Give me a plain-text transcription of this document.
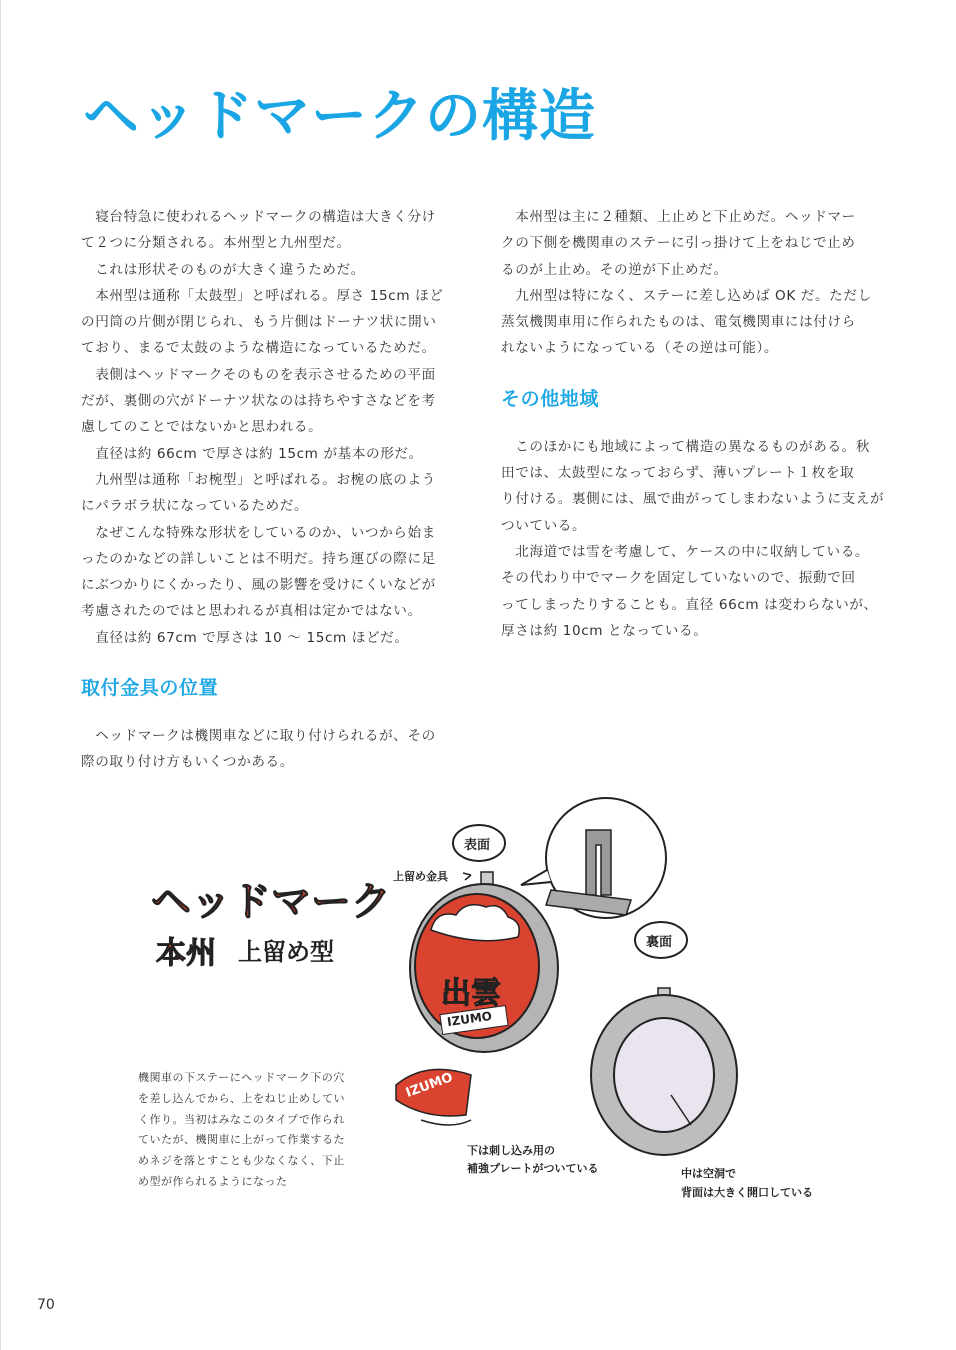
ヘッドマークの構造
　寝台特急に使われるヘッドマークの構造は大きく分け
て２つに分類される。本州型と九州型だ。
　これは形状そのものが大きく違うためだ。
　本州型は通称「太鼓型」と呼ばれる。厚さ 15cm ほど
の円筒の片側が閉じられ、もう片側はドーナツ状に開い
ており、まるで太鼓のような構造になっているためだ。
　表側はヘッドマークそのものを表示させるための平面
だが、裏側の穴がドーナツ状なのは持ちやすさなどを考
慮してのことではないかと思われる。
　直径は約 66cm で厚さは約 15cm が基本の形だ。
　九州型は通称「お椀型」と呼ばれる。お椀の底のよう
にパラボラ状になっているためだ。
　なぜこんな特殊な形状をしているのか、いつから始ま
ったのかなどの詳しいことは不明だ。持ち運びの際に足
にぶつかりにくかったり、風の影響を受けにくいなどが
考慮されたのではと思われるが真相は定かではない。
　直径は約 67cm で厚さは 10 ～ 15cm ほどだ。
取付金具の位置
　ヘッドマークは機関車などに取り付けられるが、その
際の取り付け方もいくつかある。
　本州型は主に２種類、上止めと下止めだ。ヘッドマー
クの下側を機関車のステーに引っ掛けて上をねじで止め
るのが上止め。その逆が下止めだ。
　九州型は特になく、ステーに差し込めば OK だ。ただし
蒸気機関車用に作られたものは、電気機関車には付けら
れないようになっている（その逆は可能）。
その他地域
　このほかにも地域によって構造の異なるものがある。秋
田では、太鼓型になっておらず、薄いプレート１枚を取
り付ける。裏側には、風で曲がってしまわないように支えが
ついている。
　北海道では雪を考慮して、ケースの中に収納している。
その代わり中でマークを固定していないので、振動で回
ってしまったりすることも。直径 66cm は変わらないが、
厚さは約 10cm となっている。
ヘッドマーク
本州 上留め型
表面
裏面
上留め金具
出雲
IZUMO
IZUMO
下は刺し込み用の
補強プレートがついている	中は空洞で
背面は大きく開口している
機関車の下ステーにヘッドマーク下の穴
を差し込んでから、上をねじ止めしてい
く作り。当初はみなこのタイプで作られ
ていたが、機関車に上がって作業するた
めネジを落とすことも少なくなく、下止
め型が作られるようになった
70
